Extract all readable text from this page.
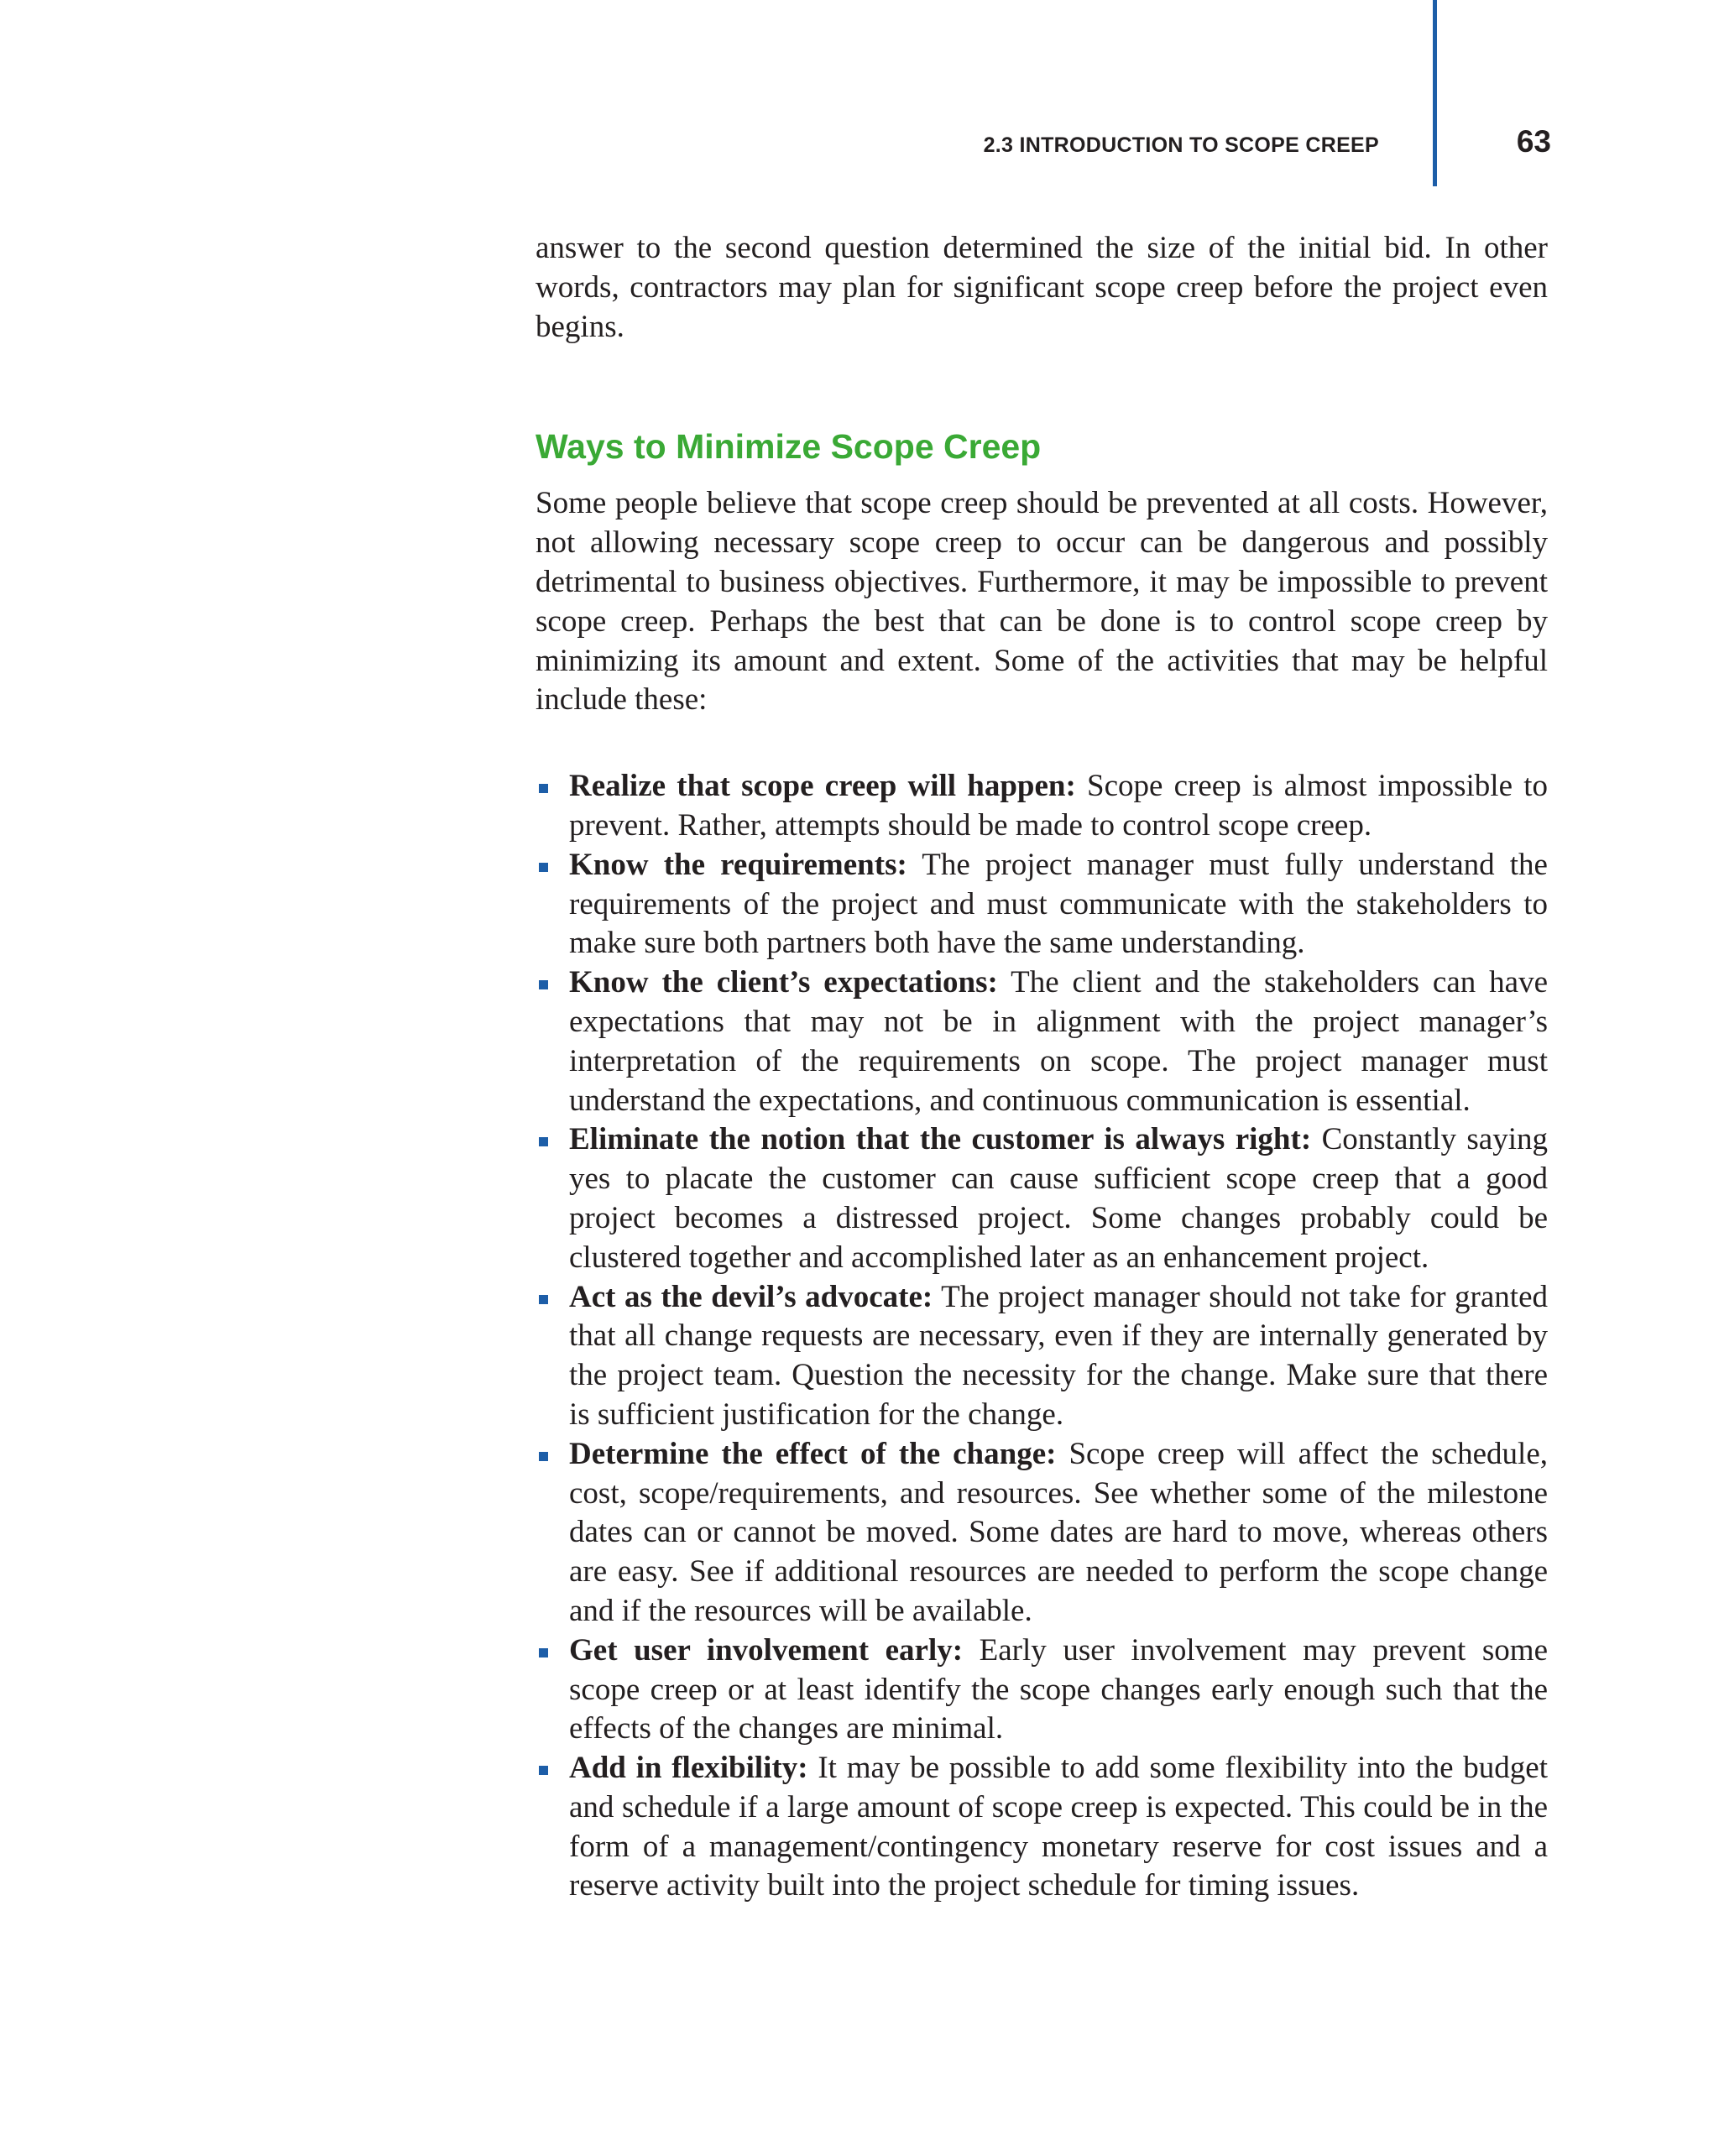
2.3 INTRODUCTION TO SCOPE CREEP	63

answer to the second question determined the size of the initial bid. In other words, contractors may plan for significant scope creep before the project even begins.

Ways to Minimize Scope Creep

Some people believe that scope creep should be prevented at all costs. However, not allowing necessary scope creep to occur can be dangerous and possibly detrimental to business objectives. Furthermore, it may be impossible to prevent scope creep. Perhaps the best that can be done is to control scope creep by minimizing its amount and extent. Some of the activities that may be helpful include these:

Realize that scope creep will happen: Scope creep is almost impossible to prevent. Rather, attempts should be made to control scope creep.
Know the requirements: The project manager must fully understand the requirements of the project and must communicate with the stakeholders to make sure both partners both have the same understanding.
Know the client’s expectations: The client and the stakeholders can have expectations that may not be in alignment with the project manager’s interpretation of the requirements on scope. The project manager must understand the expectations, and continuous communication is essential.
Eliminate the notion that the customer is always right: Constantly saying yes to placate the customer can cause sufficient scope creep that a good project becomes a distressed project. Some changes probably could be clustered together and accomplished later as an enhancement project.
Act as the devil’s advocate: The project manager should not take for granted that all change requests are necessary, even if they are internally generated by the project team. Question the necessity for the change. Make sure that there is sufficient justification for the change.
Determine the effect of the change: Scope creep will affect the schedule, cost, scope/requirements, and resources. See whether some of the milestone dates can or cannot be moved. Some dates are hard to move, whereas others are easy. See if additional resources are needed to perform the scope change and if the resources will be available.
Get user involvement early: Early user involvement may prevent some scope creep or at least identify the scope changes early enough such that the effects of the changes are minimal.
Add in flexibility: It may be possible to add some flexibility into the budget and schedule if a large amount of scope creep is expected. This could be in the form of a management/contingency monetary reserve for cost issues and a reserve activity built into the project schedule for timing issues.
